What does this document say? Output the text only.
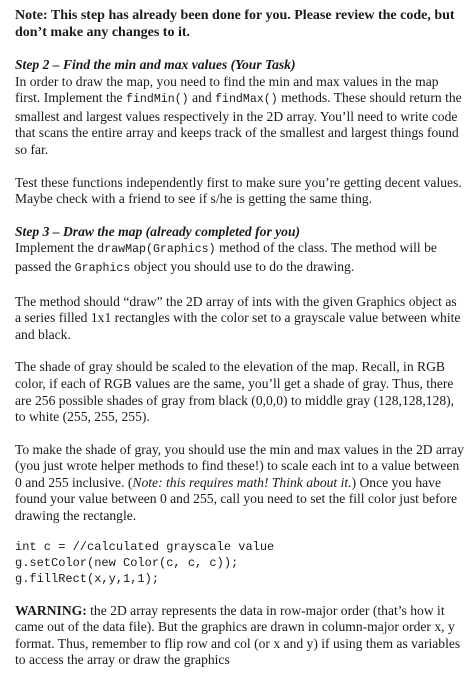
Note: This step has already been done for you. Please review the code, but don’t make any changes to it.

Step 2 – Find the min and max values (Your Task)

In order to draw the map, you need to find the min and max values in the map first. Implement the findMin() and findMax() methods. These should return the smallest and largest values respectively in the 2D array. You’ll need to write code that scans the entire array and keeps track of the smallest and largest things found so far.

Test these functions independently first to make sure you’re getting decent values. Maybe check with a friend to see if s/he is getting the same thing.

Step 3 – Draw the map (already completed for you)

Implement the drawMap(Graphics) method of the class. The method will be passed the Graphics object you should use to do the drawing.

The method should “draw” the 2D array of ints with the given Graphics object as a series filled 1x1 rectangles with the color set to a grayscale value between white and black.

The shade of gray should be scaled to the elevation of the map. Recall, in RGB color, if each of RGB values are the same, you’ll get a shade of gray. Thus, there are 256 possible shades of gray from black (0,0,0) to middle gray (128,128,128), to white (255, 255, 255).

To make the shade of gray, you should use the min and max values in the 2D array (you just wrote helper methods to find these!) to scale each int to a value between 0 and 255 inclusive. (Note: this requires math! Think about it.) Once you have found your value between 0 and 255, call you need to set the fill color just before drawing the rectangle.

int c = //calculated grayscale value
g.setColor(new Color(c, c, c));
g.fillRect(x,y,1,1);

WARNING: the 2D array represents the data in row-major order (that’s how it came out of the data file). But the graphics are drawn in column-major order x, y format. Thus, remember to flip row and col (or x and y) if using them as variables to access the array or draw the graphics
